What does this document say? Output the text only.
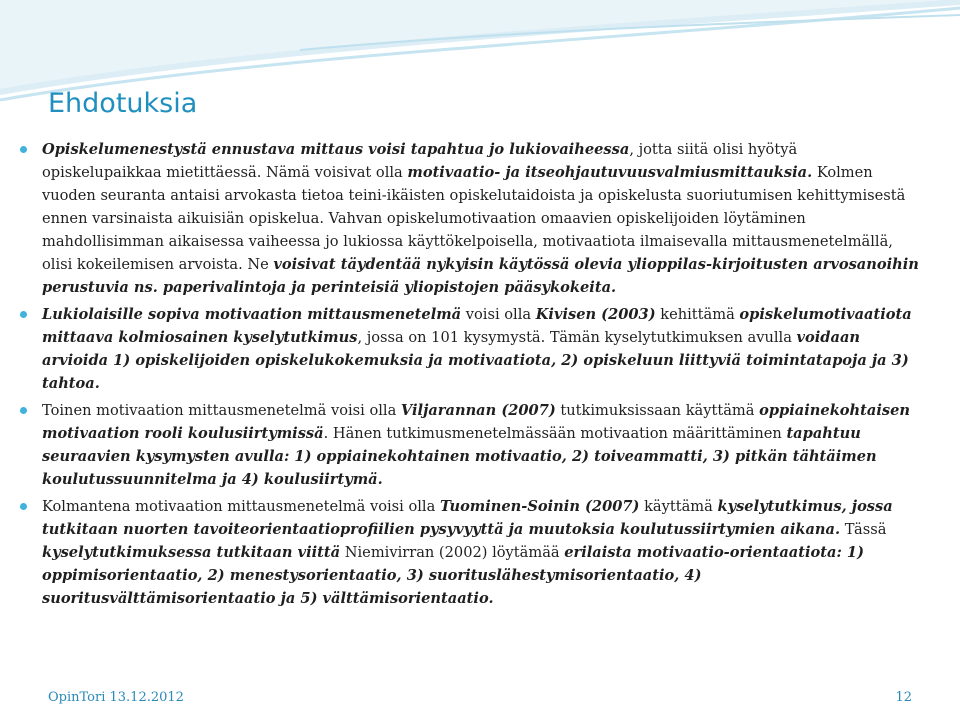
Ehdotuksia
Opiskelumenestystä ennustava mittaus voisi tapahtua jo lukiovaiheessa, jotta siitä olisi hyötyä opiskelupaikkaa mietittäessä. Nämä voisivat olla motivaatio- ja itseohjautuvuusvalmiusmittauksia. Kolmen vuoden seuranta antaisi arvokasta tietoa teini-ikäisten opiskelutaidoista ja opiskelusta suoriutumisen kehittymisestä ennen varsinaista aikuisiän opiskelua. Vahvan opiskelumotivaation omaavien opiskelijoiden löytäminen mahdollisimman aikaisessa vaiheessa jo lukiossa käyttökelpoisella, motivaatiota ilmaisevalla mittausmenetelmällä, olisi kokeilemisen arvoista. Ne voisivat täydentää nykyisin käytössä olevia ylioppilas-kirjoitusten arvosanoihin perustuvia ns. paperivalintoja ja perinteisiä yliopistojen pääsykokeita.
Lukiolaisille sopiva motivaation mittausmenetelmä voisi olla Kivisen (2003) kehittämä opiskelumotivaatiota mittaava kolmiosainen kyselytutkimus, jossa on 101 kysymystä. Tämän kyselytutkimuksen avulla voidaan arvioida 1) opiskelijoiden opiskelukokemuksia ja motivaatiota, 2) opiskeluun liittyviä toimintatapoja ja 3) tahtoa.
Toinen motivaation mittausmenetelmä voisi olla Viljarannan (2007) tutkimuksissaan käyttämä oppiainekohtaisen motivaation rooli koulusiirtymissä. Hänen tutkimusmenetelmässään motivaation määrittäminen tapahtuu seuraavien kysymysten avulla: 1) oppiainekohtainen motivaatio, 2) toiveammatti, 3) pitkän tähtäimen koulutussuunnitelma ja 4) koulusiirtymä.
Kolmantena motivaation mittausmenetelmä voisi olla Tuominen-Soinin (2007) käyttämä kyselytutkimus, jossa tutkitaan nuorten tavoiteorientaatioprofiilien pysyvyyttä ja muutoksia koulutussiirtymien aikana. Tässä kyselytutkimuksessa tutkitaan viittä Niemivirran (2002) löytämää erilaista motivaatio-orientaatiota: 1) oppimisorientaatio, 2) menestysorientaatio, 3) suorituslähestymisorientaatio, 4) suoritusvälttämisorientaatio ja 5) välttämisorientaatio.
OpinTori 13.12.2012	12
